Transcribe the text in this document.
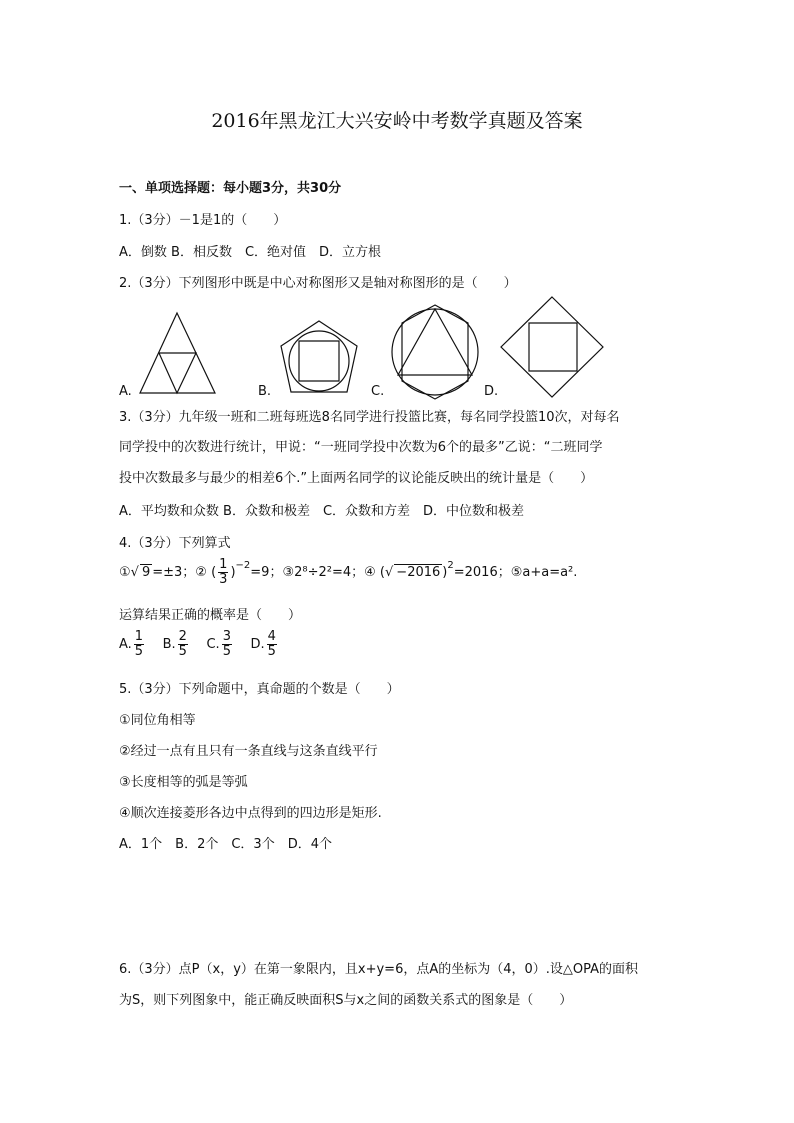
2016年黑龙江大兴安岭中考数学真题及答案
一、单项选择题：每小题3分，共30分
1.（3分）－1是1的（　　）
A．倒数 B．相反数　C．绝对值　D．立方根
2.（3分）下列图形中既是中心对称图形又是轴对称图形的是（　　）
A.	B.	C.	D.
3.（3分）九年级一班和二班每班选8名同学进行投篮比赛，每名同学投篮10次，对每名
同学投中的次数进行统计，甲说：“一班同学投中次数为6个的最多”乙说：“二班同学
投中次数最多与最少的相差6个.”上面两名同学的议论能反映出的统计量是（　　）
A．平均数和众数 B．众数和极差　C．众数和方差　D．中位数和极差
4.（3分）下列算式
①√ 9 =±3；② ( $\frac{1}{3} )^{-2}=9$；③2⁸÷2²=4；④ (√ −2016 )$^2$=2016；⑤a+a=a².
运算结果正确的概率是（　　）
A. $\frac{1}{5} B$. $\frac{2}{5} C$. $\frac{3}{5} D$. $\frac{4}{5}$
5.（3分）下列命题中，真命题的个数是（　　）
①同位角相等
②经过一点有且只有一条直线与这条直线平行
③长度相等的弧是等弧
④顺次连接菱形各边中点得到的四边形是矩形.
A．1个　B．2个　C．3个　D．4个
6.（3分）点P（x，y）在第一象限内，且x+y=6，点A的坐标为（4，0）.设△OPA的面积
为S，则下列图象中，能正确反映面积S与x之间的函数关系式的图象是（　　）
